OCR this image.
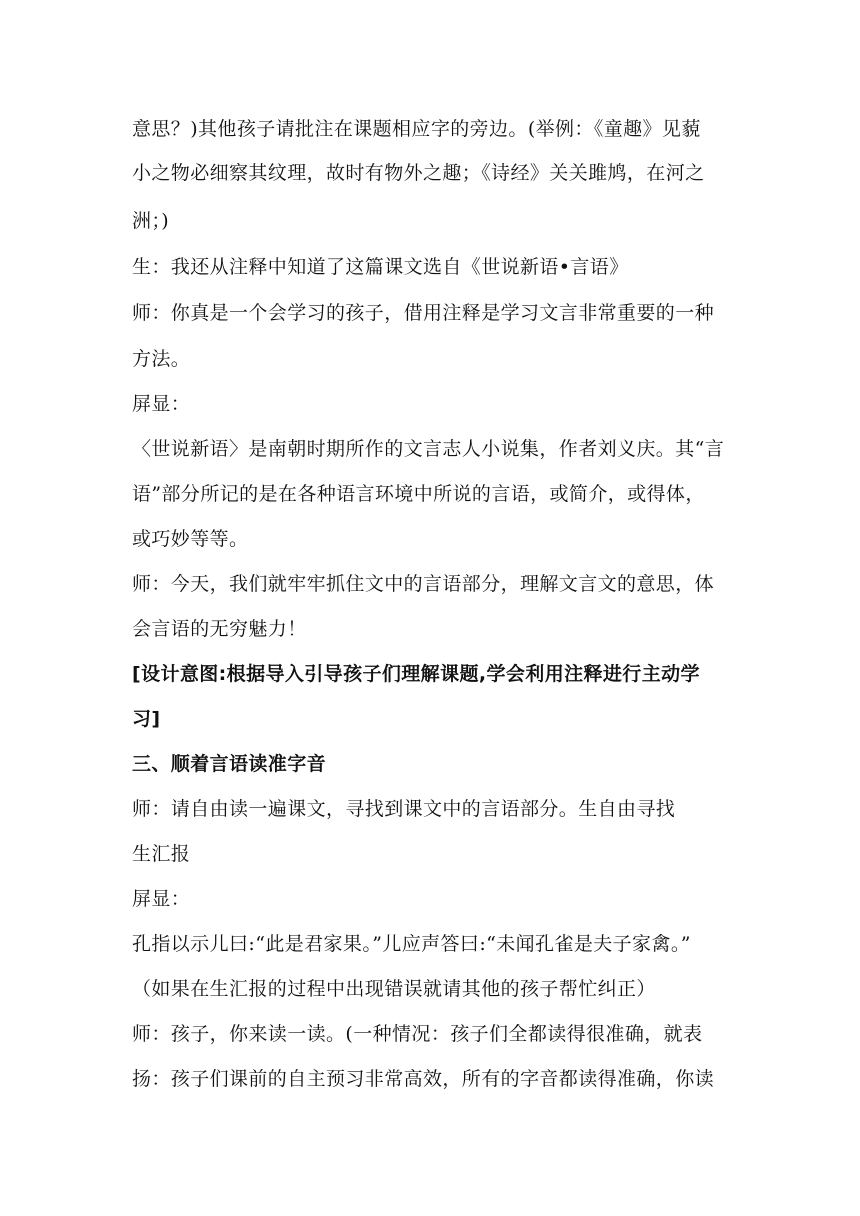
意思？)其他孩子请批注在课题相应字的旁边。(举例：《童趣》见藐
小之物必细察其纹理，故时有物外之趣；《诗经》关关雎鸠，在河之
洲；)
生：我还从注释中知道了这篇课文选自《世说新语•言语》
师：你真是一个会学习的孩子，借用注释是学习文言非常重要的一种
方法。
屏显：
〈世说新语〉是南朝时期所作的文言志人小说集，作者刘义庆。其“言
语”部分所记的是在各种语言环境中所说的言语，或简介，或得体，
或巧妙等等。
师：今天，我们就牢牢抓住文中的言语部分，理解文言文的意思，体
会言语的无穷魅力！
[设计意图:根据导入引导孩子们理解课题,学会利用注释进行主动学
习]
三、顺着言语读准字音
师：请自由读一遍课文，寻找到课文中的言语部分。生自由寻找
生汇报
屏显：
孔指以示儿曰:“此是君家果。”儿应声答曰:“未闻孔雀是夫子家禽。”
（如果在生汇报的过程中出现错误就请其他的孩子帮忙纠正）
师：孩子，你来读一读。(一种情况：孩子们全都读得很准确，就表
扬：孩子们课前的自主预习非常高效，所有的字音都读得准确，你读
